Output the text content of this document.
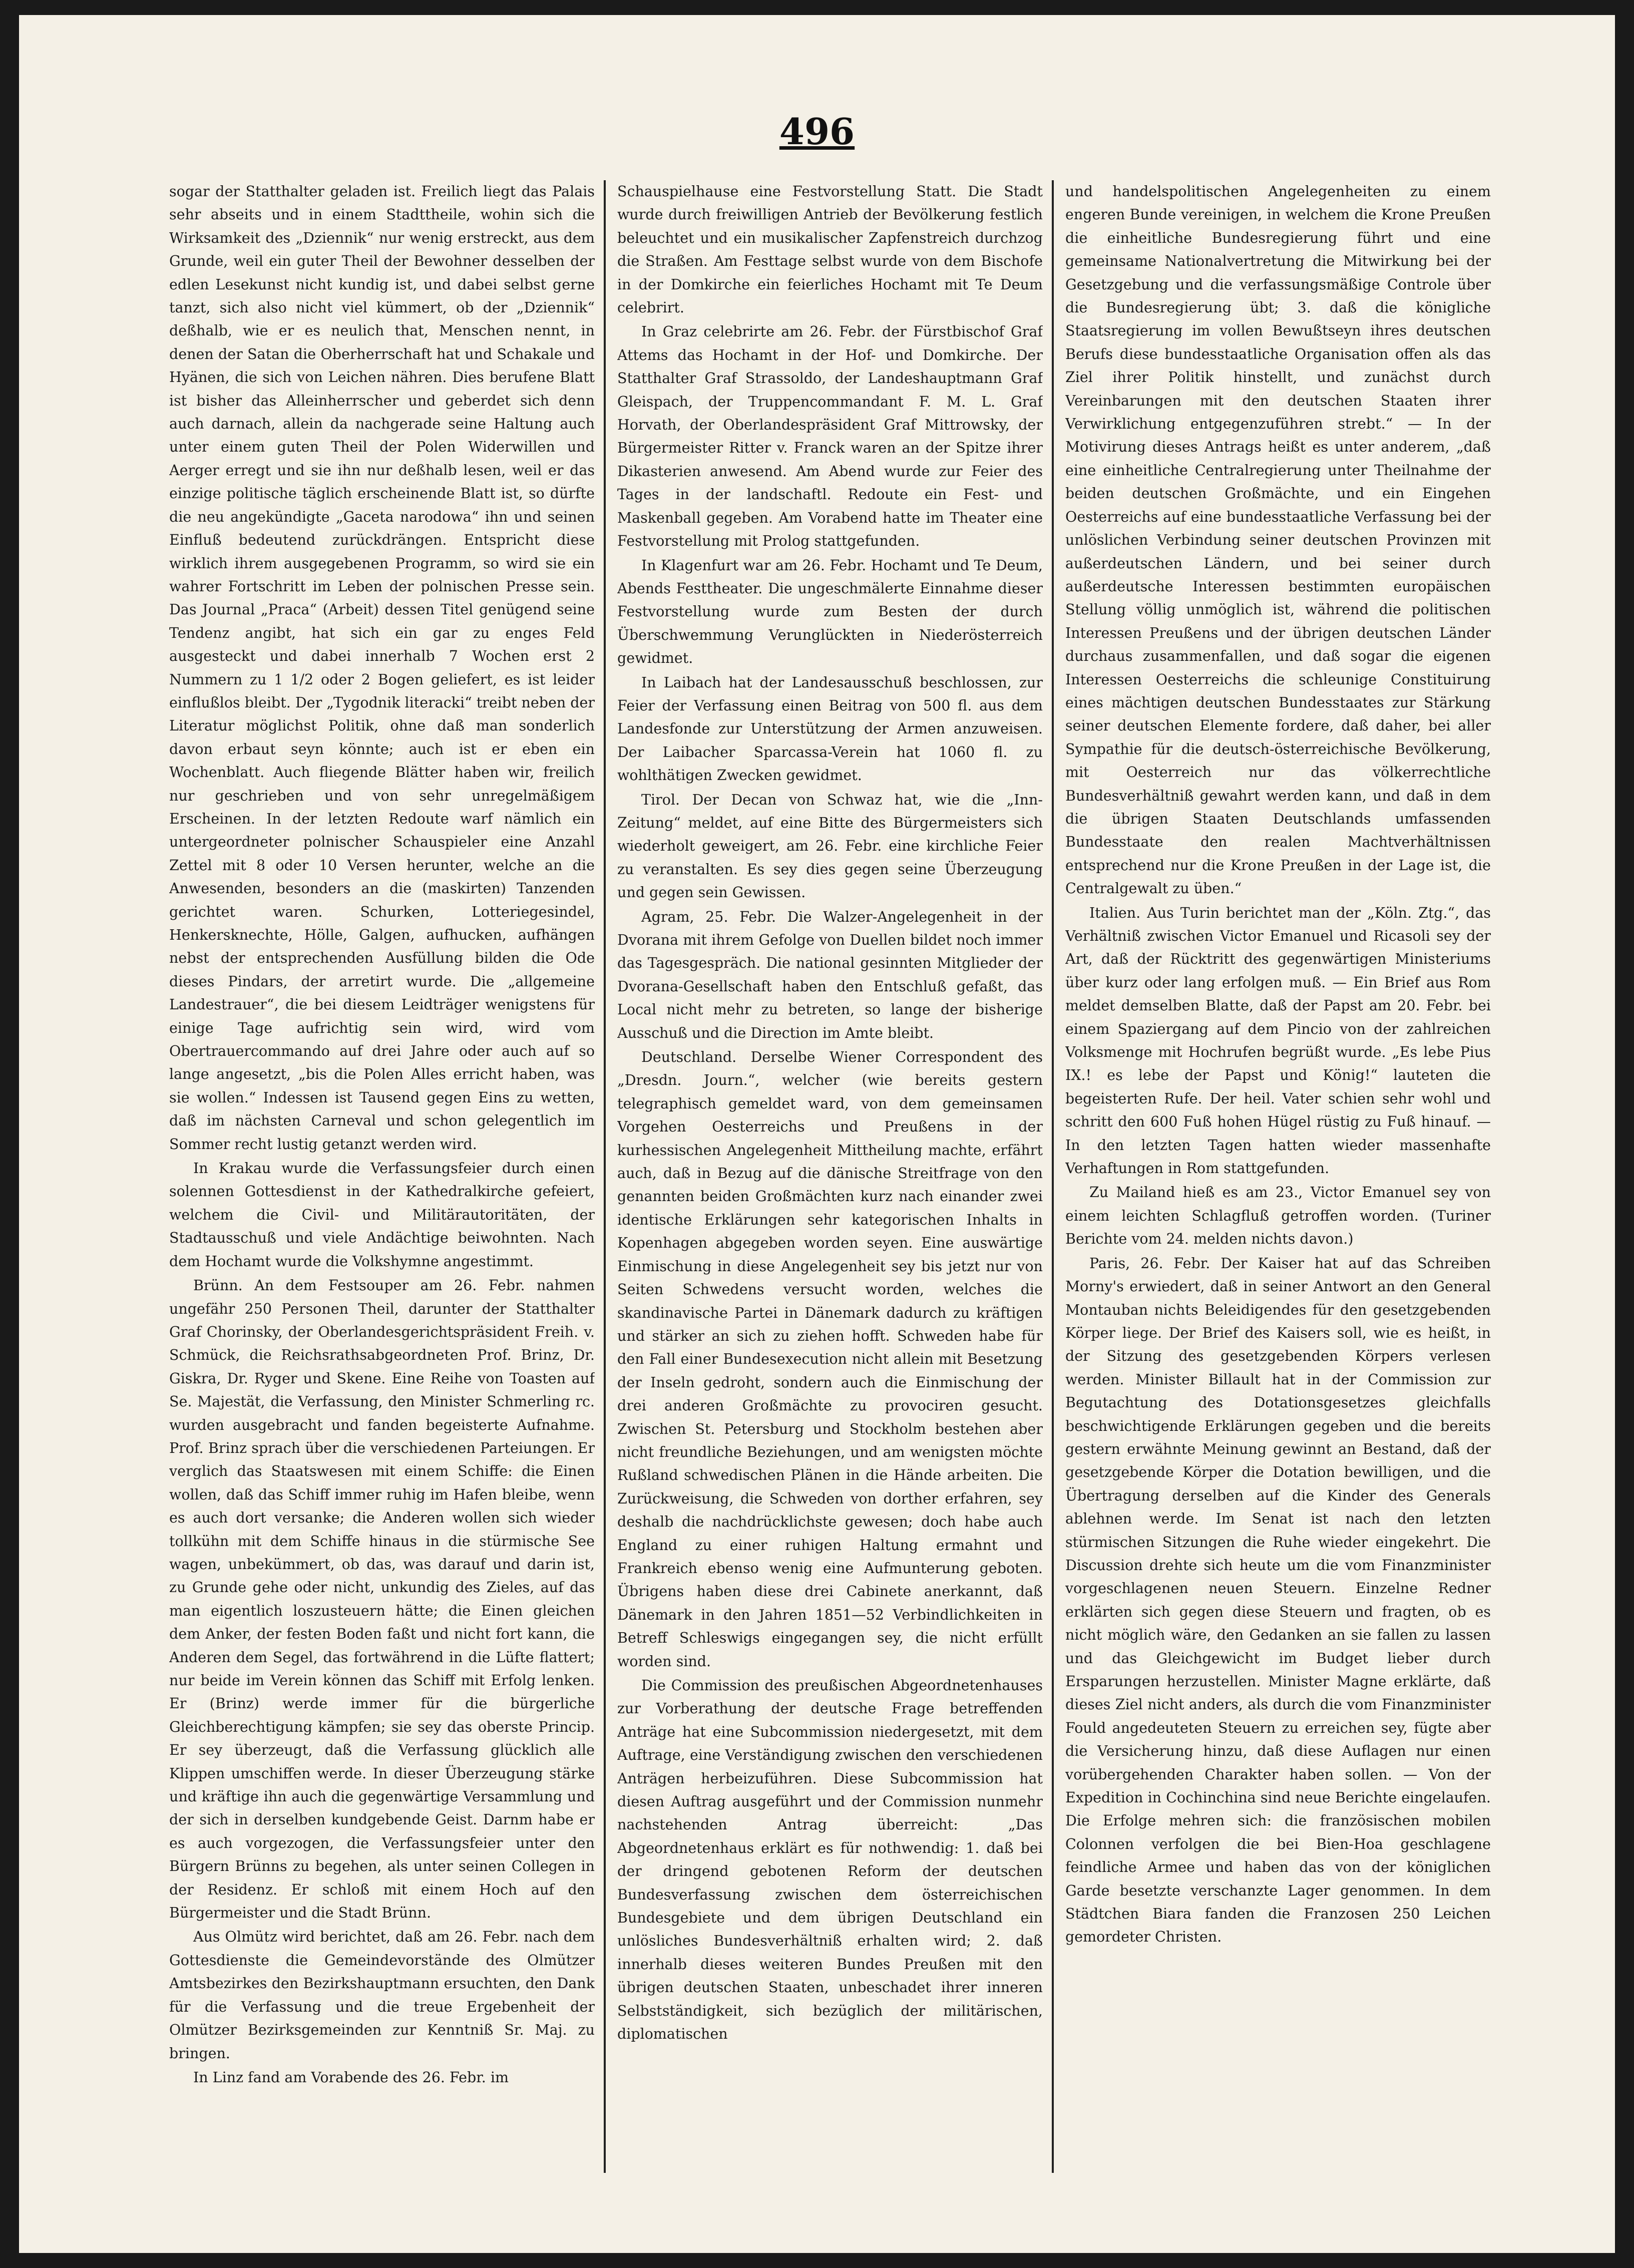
496

sogar der Statthalter geladen ist. Freilich liegt das Palais sehr abseits und in einem Stadttheile, wohin sich die Wirksamkeit des „Dziennik“ nur wenig erstreckt, aus dem Grunde, weil ein guter Theil der Bewohner desselben der edlen Lesekunst nicht kundig ist, und dabei selbst gerne tanzt, sich also nicht viel kümmert, ob der „Dziennik“ deßhalb, wie er es neulich that, Menschen nennt, in denen der Satan die Oberherrschaft hat und Schakale und Hyänen, die sich von Leichen nähren. Dies berufene Blatt ist bisher das Alleinherrscher und geberdet sich denn auch darnach, allein da nachgerade seine Haltung auch unter einem guten Theil der Polen Widerwillen und Aerger erregt und sie ihn nur deßhalb lesen, weil er das einzige politische täglich erscheinende Blatt ist, so dürfte die neu angekündigte „Gaceta narodowa“ ihn und seinen Einfluß bedeutend zurückdrängen. Entspricht diese wirklich ihrem ausgegebenen Programm, so wird sie ein wahrer Fortschritt im Leben der polnischen Presse sein. Das Journal „Praca“ (Arbeit) dessen Titel genügend seine Tendenz angibt, hat sich ein gar zu enges Feld ausgesteckt und dabei innerhalb 7 Wochen erst 2 Nummern zu 1 1/2 oder 2 Bogen geliefert, es ist leider einflußlos bleibt. Der „Tygodnik literacki“ treibt neben der Literatur möglichst Politik, ohne daß man sonderlich davon erbaut seyn könnte; auch ist er eben ein Wochenblatt. Auch fliegende Blätter haben wir, freilich nur geschrieben und von sehr unregelmäßigem Erscheinen. In der letzten Redoute warf nämlich ein untergeordneter polnischer Schauspieler eine Anzahl Zettel mit 8 oder 10 Versen herunter, welche an die Anwesenden, besonders an die (maskirten) Tanzenden gerichtet waren. Schurken, Lotteriegesindel, Henkersknechte, Hölle, Galgen, aufhucken, aufhängen nebst der entsprechenden Ausfüllung bilden die Ode dieses Pindars, der arretirt wurde. Die „allgemeine Landestrauer“, die bei diesem Leidträger wenigstens für einige Tage aufrichtig sein wird, wird vom Obertrauercommando auf drei Jahre oder auch auf so lange angesetzt, „bis die Polen Alles erricht haben, was sie wollen.“ Indessen ist Tausend gegen Eins zu wetten, daß im nächsten Carneval und schon gelegentlich im Sommer recht lustig getanzt werden wird.

In Krakau wurde die Verfassungsfeier durch einen solennen Gottesdienst in der Kathedralkirche gefeiert, welchem die Civil- und Militärautoritäten, der Stadtausschuß und viele Andächtige beiwohnten. Nach dem Hochamt wurde die Volkshymne angestimmt.

Brünn. An dem Festsouper am 26. Febr. nahmen ungefähr 250 Personen Theil, darunter der Statthalter Graf Chorinsky, der Oberlandesgerichtspräsident Freih. v. Schmück, die Reichsrathsabgeordneten Prof. Brinz, Dr. Giskra, Dr. Ryger und Skene. Eine Reihe von Toasten auf Se. Majestät, die Verfassung, den Minister Schmerling rc. wurden ausgebracht und fanden begeisterte Aufnahme. Prof. Brinz sprach über die verschiedenen Parteiungen. Er verglich das Staatswesen mit einem Schiffe: die Einen wollen, daß das Schiff immer ruhig im Hafen bleibe, wenn es auch dort versanke; die Anderen wollen sich wieder tollkühn mit dem Schiffe hinaus in die stürmische See wagen, unbekümmert, ob das, was darauf und darin ist, zu Grunde gehe oder nicht, unkundig des Zieles, auf das man eigentlich loszusteuern hätte; die Einen gleichen dem Anker, der festen Boden faßt und nicht fort kann, die Anderen dem Segel, das fortwährend in die Lüfte flattert; nur beide im Verein können das Schiff mit Erfolg lenken. Er (Brinz) werde immer für die bürgerliche Gleichberechtigung kämpfen; sie sey das oberste Princip. Er sey überzeugt, daß die Verfassung glücklich alle Klippen umschiffen werde. In dieser Überzeugung stärke und kräftige ihn auch die gegenwärtige Versammlung und der sich in derselben kundgebende Geist. Darnm habe er es auch vorgezogen, die Verfassungsfeier unter den Bürgern Brünns zu begehen, als unter seinen Collegen in der Residenz. Er schloß mit einem Hoch auf den Bürgermeister und die Stadt Brünn.

Aus Olmütz wird berichtet, daß am 26. Febr. nach dem Gottesdienste die Gemeindevorstände des Olmützer Amtsbezirkes den Bezirkshauptmann ersuchten, den Dank für die Verfassung und die treue Ergebenheit der Olmützer Bezirksgemeinden zur Kenntniß Sr. Maj. zu bringen.

In Linz fand am Vorabende des 26. Febr. im

Schauspielhause eine Festvorstellung Statt. Die Stadt wurde durch freiwilligen Antrieb der Bevölkerung festlich beleuchtet und ein musikalischer Zapfenstreich durchzog die Straßen. Am Festtage selbst wurde von dem Bischofe in der Domkirche ein feierliches Hochamt mit Te Deum celebrirt.

In Graz celebrirte am 26. Febr. der Fürstbischof Graf Attems das Hochamt in der Hof- und Domkirche. Der Statthalter Graf Strassoldo, der Landeshauptmann Graf Gleispach, der Truppencommandant F. M. L. Graf Horvath, der Oberlandespräsident Graf Mittrowsky, der Bürgermeister Ritter v. Franck waren an der Spitze ihrer Dikasterien anwesend. Am Abend wurde zur Feier des Tages in der landschaftl. Redoute ein Fest- und Maskenball gegeben. Am Vorabend hatte im Theater eine Festvorstellung mit Prolog stattgefunden.

In Klagenfurt war am 26. Febr. Hochamt und Te Deum, Abends Festtheater. Die ungeschmälerte Einnahme dieser Festvorstellung wurde zum Besten der durch Überschwemmung Verunglückten in Niederösterreich gewidmet.

In Laibach hat der Landesausschuß beschlossen, zur Feier der Verfassung einen Beitrag von 500 fl. aus dem Landesfonde zur Unterstützung der Armen anzuweisen. Der Laibacher Sparcassa-Verein hat 1060 fl. zu wohlthätigen Zwecken gewidmet.

Tirol. Der Decan von Schwaz hat, wie die „Inn-Zeitung“ meldet, auf eine Bitte des Bürgermeisters sich wiederholt geweigert, am 26. Febr. eine kirchliche Feier zu veranstalten. Es sey dies gegen seine Überzeugung und gegen sein Gewissen.

Agram, 25. Febr. Die Walzer-Angelegenheit in der Dvorana mit ihrem Gefolge von Duellen bildet noch immer das Tagesgespräch. Die national gesinnten Mitglieder der Dvorana-Gesellschaft haben den Entschluß gefaßt, das Local nicht mehr zu betreten, so lange der bisherige Ausschuß und die Direction im Amte bleibt.

Deutschland. Derselbe Wiener Correspondent des „Dresdn. Journ.“, welcher (wie bereits gestern telegraphisch gemeldet ward, von dem gemeinsamen Vorgehen Oesterreichs und Preußens in der kurhessischen Angelegenheit Mittheilung machte, erfährt auch, daß in Bezug auf die dänische Streitfrage von den genannten beiden Großmächten kurz nach einander zwei identische Erklärungen sehr kategorischen Inhalts in Kopenhagen abgegeben worden seyen. Eine auswärtige Einmischung in diese Angelegenheit sey bis jetzt nur von Seiten Schwedens versucht worden, welches die skandinavische Partei in Dänemark dadurch zu kräftigen und stärker an sich zu ziehen hofft. Schweden habe für den Fall einer Bundesexecution nicht allein mit Besetzung der Inseln gedroht, sondern auch die Einmischung der drei anderen Großmächte zu provociren gesucht. Zwischen St. Petersburg und Stockholm bestehen aber nicht freundliche Beziehungen, und am wenigsten möchte Rußland schwedischen Plänen in die Hände arbeiten. Die Zurückweisung, die Schweden von dorther erfahren, sey deshalb die nachdrücklichste gewesen; doch habe auch England zu einer ruhigen Haltung ermahnt und Frankreich ebenso wenig eine Aufmunterung geboten. Übrigens haben diese drei Cabinete anerkannt, daß Dänemark in den Jahren 1851—52 Verbindlichkeiten in Betreff Schleswigs eingegangen sey, die nicht erfüllt worden sind.

Die Commission des preußischen Abgeordnetenhauses zur Vorberathung der deutsche Frage betreffenden Anträge hat eine Subcommission niedergesetzt, mit dem Auftrage, eine Verständigung zwischen den verschiedenen Anträgen herbeizuführen. Diese Subcommission hat diesen Auftrag ausgeführt und der Commission nunmehr nachstehenden Antrag überreicht: „Das Abgeordnetenhaus erklärt es für nothwendig: 1. daß bei der dringend gebotenen Reform der deutschen Bundesverfassung zwischen dem österreichischen Bundesgebiete und dem übrigen Deutschland ein unlösliches Bundesverhältniß erhalten wird; 2. daß innerhalb dieses weiteren Bundes Preußen mit den übrigen deutschen Staaten, unbeschadet ihrer inneren Selbstständigkeit, sich bezüglich der militärischen, diplomatischen

und handelspolitischen Angelegenheiten zu einem engeren Bunde vereinigen, in welchem die Krone Preußen die einheitliche Bundesregierung führt und eine gemeinsame Nationalvertretung die Mitwirkung bei der Gesetzgebung und die verfassungsmäßige Controle über die Bundesregierung übt; 3. daß die königliche Staatsregierung im vollen Bewußtseyn ihres deutschen Berufs diese bundesstaatliche Organisation offen als das Ziel ihrer Politik hinstellt, und zunächst durch Vereinbarungen mit den deutschen Staaten ihrer Verwirklichung entgegenzuführen strebt.“ — In der Motivirung dieses Antrags heißt es unter anderem, „daß eine einheitliche Centralregierung unter Theilnahme der beiden deutschen Großmächte, und ein Eingehen Oesterreichs auf eine bundesstaatliche Verfassung bei der unlöslichen Verbindung seiner deutschen Provinzen mit außerdeutschen Ländern, und bei seiner durch außerdeutsche Interessen bestimmten europäischen Stellung völlig unmöglich ist, während die politischen Interessen Preußens und der übrigen deutschen Länder durchaus zusammenfallen, und daß sogar die eigenen Interessen Oesterreichs die schleunige Constituirung eines mächtigen deutschen Bundesstaates zur Stärkung seiner deutschen Elemente fordere, daß daher, bei aller Sympathie für die deutsch-österreichische Bevölkerung, mit Oesterreich nur das völkerrechtliche Bundesverhältniß gewahrt werden kann, und daß in dem die übrigen Staaten Deutschlands umfassenden Bundesstaate den realen Machtverhältnissen entsprechend nur die Krone Preußen in der Lage ist, die Centralgewalt zu üben.“

Italien. Aus Turin berichtet man der „Köln. Ztg.“, das Verhältniß zwischen Victor Emanuel und Ricasoli sey der Art, daß der Rücktritt des gegenwärtigen Ministeriums über kurz oder lang erfolgen muß. — Ein Brief aus Rom meldet demselben Blatte, daß der Papst am 20. Febr. bei einem Spaziergang auf dem Pincio von der zahlreichen Volksmenge mit Hochrufen begrüßt wurde. „Es lebe Pius IX.! es lebe der Papst und König!“ lauteten die begeisterten Rufe. Der heil. Vater schien sehr wohl und schritt den 600 Fuß hohen Hügel rüstig zu Fuß hinauf. — In den letzten Tagen hatten wieder massenhafte Verhaftungen in Rom stattgefunden.

Zu Mailand hieß es am 23., Victor Emanuel sey von einem leichten Schlagfluß getroffen worden. (Turiner Berichte vom 24. melden nichts davon.)

Paris, 26. Febr. Der Kaiser hat auf das Schreiben Morny's erwiedert, daß in seiner Antwort an den General Montauban nichts Beleidigendes für den gesetzgebenden Körper liege. Der Brief des Kaisers soll, wie es heißt, in der Sitzung des gesetzgebenden Körpers verlesen werden. Minister Billault hat in der Commission zur Begutachtung des Dotationsgesetzes gleichfalls beschwichtigende Erklärungen gegeben und die bereits gestern erwähnte Meinung gewinnt an Bestand, daß der gesetzgebende Körper die Dotation bewilligen, und die Übertragung derselben auf die Kinder des Generals ablehnen werde. Im Senat ist nach den letzten stürmischen Sitzungen die Ruhe wieder eingekehrt. Die Discussion drehte sich heute um die vom Finanzminister vorgeschlagenen neuen Steuern. Einzelne Redner erklärten sich gegen diese Steuern und fragten, ob es nicht möglich wäre, den Gedanken an sie fallen zu lassen und das Gleichgewicht im Budget lieber durch Ersparungen herzustellen. Minister Magne erklärte, daß dieses Ziel nicht anders, als durch die vom Finanzminister Fould angedeuteten Steuern zu erreichen sey, fügte aber die Versicherung hinzu, daß diese Auflagen nur einen vorübergehenden Charakter haben sollen. — Von der Expedition in Cochinchina sind neue Berichte eingelaufen. Die Erfolge mehren sich: die französischen mobilen Colonnen verfolgen die bei Bien-Hoa geschlagene feindliche Armee und haben das von der königlichen Garde besetzte verschanzte Lager genommen. In dem Städtchen Biara fanden die Franzosen 250 Leichen gemordeter Christen.
